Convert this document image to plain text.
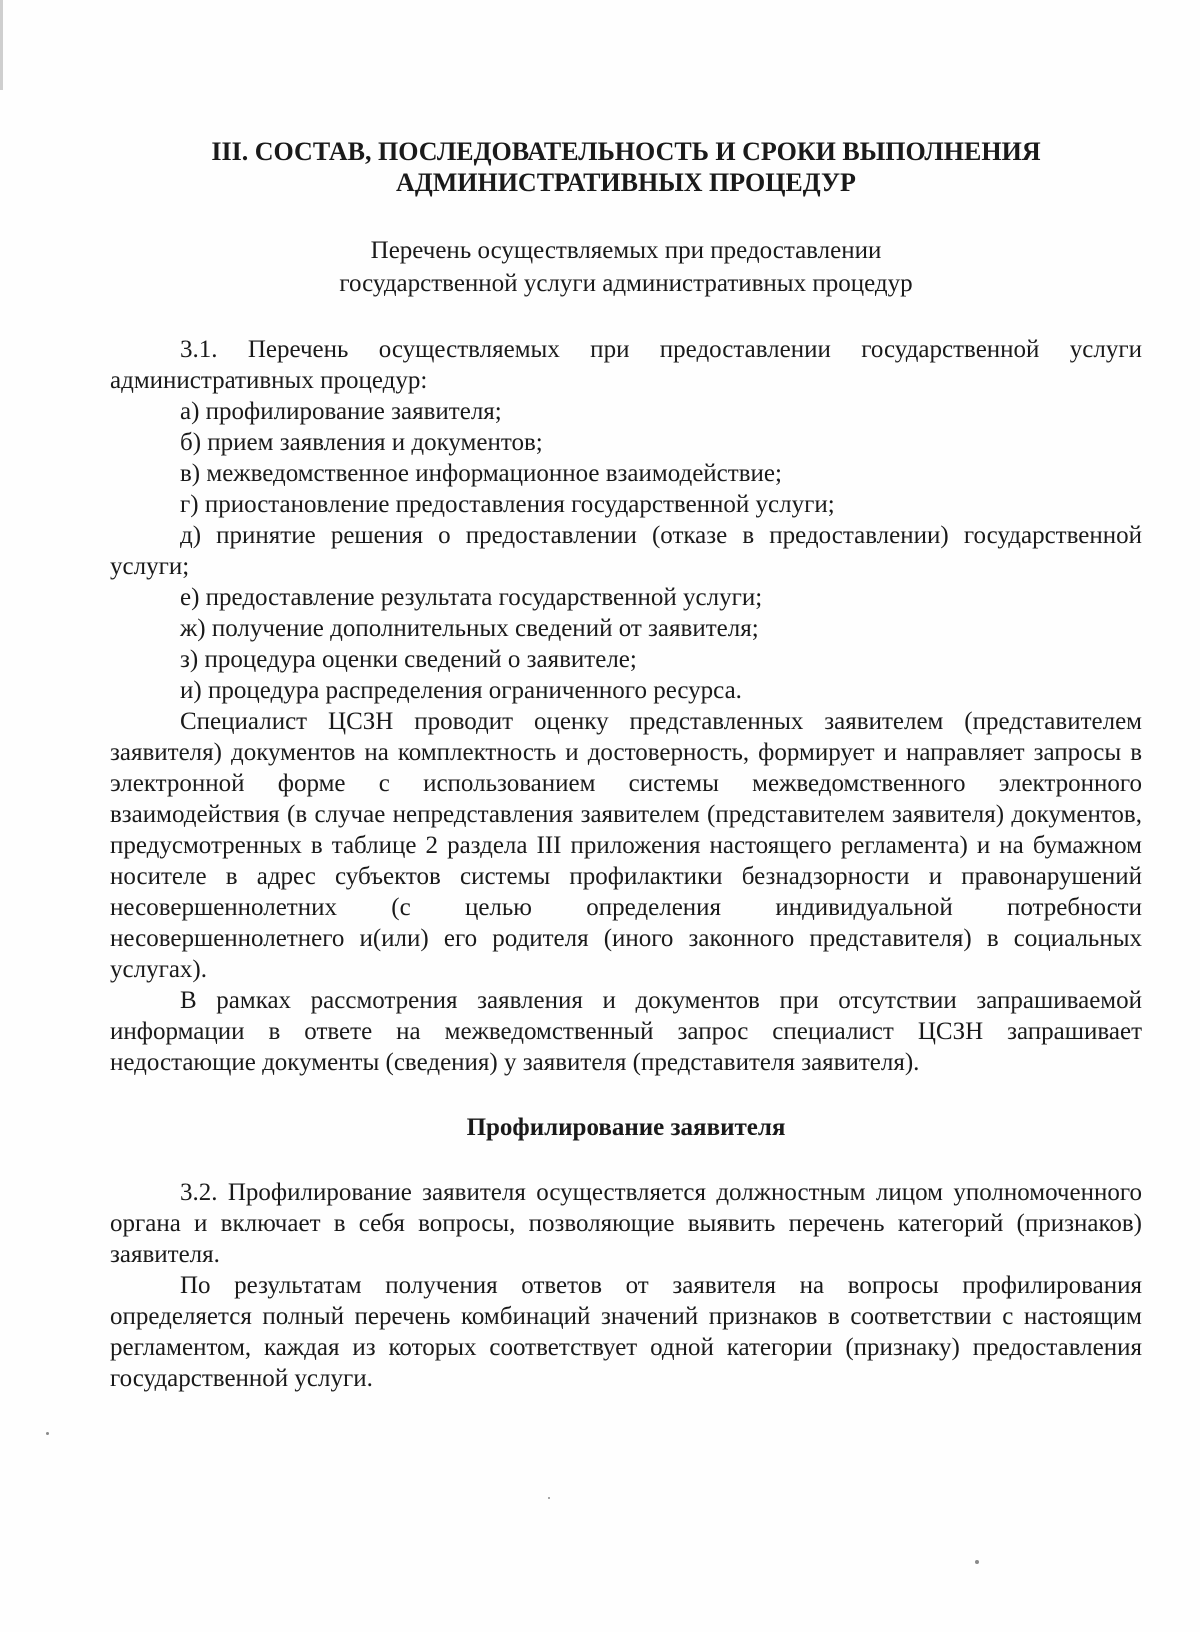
III. СОСТАВ, ПОСЛЕДОВАТЕЛЬНОСТЬ И СРОКИ ВЫПОЛНЕНИЯ
АДМИНИСТРАТИВНЫХ ПРОЦЕДУР

Перечень осуществляемых при предоставлении
государственной услуги административных процедур

3.1. Перечень осуществляемых при предоставлении государственной услуги административных процедур:

а) профилирование заявителя;

б) прием заявления и документов;

в) межведомственное информационное взаимодействие;

г) приостановление предоставления государственной услуги;

д) принятие решения о предоставлении (отказе в предоставлении) государственной услуги;

е) предоставление результата государственной услуги;

ж) получение дополнительных сведений от заявителя;

з) процедура оценки сведений о заявителе;

и) процедура распределения ограниченного ресурса.

Специалист ЦСЗН проводит оценку представленных заявителем (представителем заявителя) документов на комплектность и достоверность, формирует и направляет запросы в электронной форме с использованием системы межведомственного электронного взаимодействия (в случае непредставления заявителем (представителем заявителя) документов, предусмотренных в таблице 2 раздела III приложения настоящего регламента) и на бумажном носителе в адрес субъектов системы профилактики безнадзорности и правонарушений несовершеннолетних (с целью определения индивидуальной потребности несовершеннолетнего и(или) его родителя (иного законного представителя) в социальных услугах).

В рамках рассмотрения заявления и документов при отсутствии запрашиваемой информации в ответе на межведомственный запрос специалист ЦСЗН запрашивает недостающие документы (сведения) у заявителя (представителя заявителя).

Профилирование заявителя

3.2. Профилирование заявителя осуществляется должностным лицом уполномоченного органа и включает в себя вопросы, позволяющие выявить перечень категорий (признаков) заявителя.

По результатам получения ответов от заявителя на вопросы профилирования определяется полный перечень комбинаций значений признаков в соответствии с настоящим регламентом, каждая из которых соответствует одной категории (признаку) предоставления государственной услуги.
